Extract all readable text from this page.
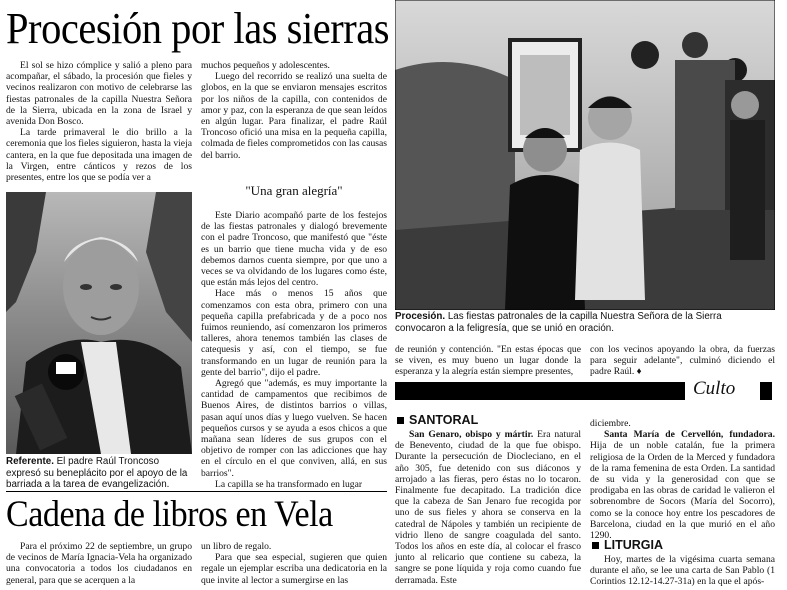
Procesión por las sierras

El sol se hizo cómplice y salió a pleno para acompañar, el sábado, la procesión que fieles y vecinos realizaron con motivo de celebrarse las fiestas patronales de la capilla Nuestra Señora de la Sierra, ubicada en la zona de Israel y avenida Don Bosco.

La tarde primaveral le dio brillo a la ceremonia que los fieles siguieron, hasta la vieja cantera, en la que fue depositada una imagen de la Virgen, entre cánticos y rezos de los presentes, entre los que se podía ver a

Referente. El padre Raúl Troncoso expresó su beneplácito por el apoyo de la barriada a la tarea de evangelización.

muchos pequeños y adolescentes.

Luego del recorrido se realizó una suelta de globos, en la que se enviaron mensajes escritos por los niños de la capilla, con contenidos de amor y paz, con la esperanza de que sean leídos en algún lugar. Para finalizar, el padre Raúl Troncoso ofició una misa en la pequeña capilla, colmada de fieles comprometidos con las causas del barrio.

"Una gran alegría"

Este Diario acompañó parte de los festejos de las fiestas patronales y dialogó brevemente con el padre Troncoso, que manifestó que "éste es un barrio que tiene mucha vida y de eso debemos darnos cuenta siempre, por que uno a veces se va olvidando de los lugares como éste, que están más lejos del centro.

Hace más o menos 15 años que comenzamos con esta obra, primero con una pequeña capilla prefabricada y de a poco nos fuimos reuniendo, así comenzaron los primeros talleres, ahora tenemos también las clases de catequesis y así, con el tiempo, se fue transformando en un lugar de reunión para la gente del barrio", dijo el padre.

Agregó que "además, es muy importante la cantidad de campamentos que recibimos de Buenos Aires, de distintos barrios o villas, pasan aquí unos días y luego vuelven. Se hacen pequeños cursos y se ayuda a esos chicos a que mañana sean líderes de sus grupos con el objetivo de romper con las adicciones que hay en el círculo en el que conviven, allá, en sus barrios".

La capilla se ha transformado en lugar

Procesión. Las fiestas patronales de la capilla Nuestra Señora de la Sierra convocaron a la feligresía, que se unió en oración.

de reunión y contención. "En estas épocas que se viven, es muy bueno un lugar donde la esperanza y la alegría están siempre presentes,

con los vecinos apoyando la obra, da fuerzas para seguir adelante", culminó diciendo el padre Raúl. ♦

Cadena de libros en Vela

Para el próximo 22 de septiembre, un grupo de vecinos de María Ignacia-Vela ha organizado una convocatoria a todos los ciudadanos en general, para que se acerquen a la

un libro de regalo.

Para que sea especial, sugieren que quien regale un ejemplar escriba una dedicatoria en la que invite al lector a sumergirse en las

Culto
SANTORAL

San Genaro, obispo y mártir. Era natural de Benevento, ciudad de la que fue obispo. Durante la persecución de Diocleciano, en el año 305, fue detenido con sus diáconos y arrojado a las fieras, pero éstas no lo tocaron. Finalmente fue decapitado. La tradición dice que la cabeza de San Jenaro fue recogida por uno de sus fieles y ahora se conserva en la catedral de Nápoles y también un recipiente de vidrio lleno de sangre coagulada del santo. Todos los años en este día, al colocar el frasco junto al relicario que contiene su cabeza, la sangre se pone líquida y roja como cuando fue derramada. Este

diciembre.

Santa María de Cervellón, fundadora. Hija de un noble catalán, fue la primera religiosa de la Orden de la Merced y fundadora de la rama femenina de esta Orden. La santidad de su vida y la generosidad con que se prodigaba en las obras de caridad le valieron el sobrenombre de Socors (María del Socorro), como se la conoce hoy entre los pescadores de Barcelona, ciudad en la que murió en el año 1290.

LITURGIA

Hoy, martes de la vigésima cuarta semana durante el año, se lee una carta de San Pablo (1 Corintios 12.12-14.27-31a) en la que el após-
